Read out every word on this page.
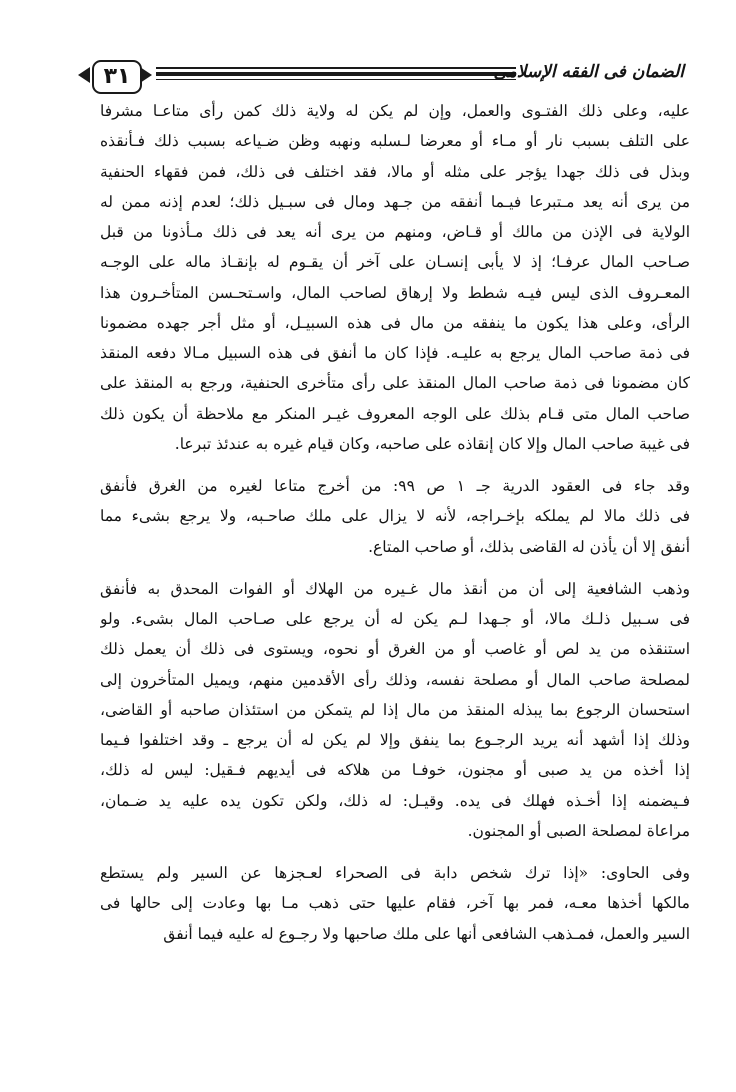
٣١	الضمان فى الفقه الإسلامى
عليه، وعلى ذلك الفتـوى والعمل، وإن لم يكن له ولاية ذلك كمن رأى متاعـا مشرفا
على التلف بسبب نار أو مـاء أو معرضا لـسلبه ونهبه وظن ضـياعه بسبب ذلك فـأنقذه
وبذل فى ذلك جهدا يؤجر على مثله أو مالا، فقد اختلف فى ذلك، فمن فقهاء الحنفية
من يرى أنه يعد مـتبرعا فيـما أنفقه من جـهد ومال فى سبـيل ذلك؛ لعدم إذنه ممن له
الولاية فى الإذن من مالك أو قـاض، ومنهم من يرى أنه يعد فى ذلك مـأذونا من قبل
صـاحب المال عرفـا؛ إذ لا يأبى إنسـان على آخر أن يقـوم له بإنقـاذ ماله على الوجـه
المعـروف الذى ليس فيـه شطط ولا إرهاق لصاحب المال، واسـتحـسن المتأخـرون هذا
الرأى، وعلى هذا يكون ما ينفقه من مال فى هذه السبيـل، أو مثل أجر جهده مضمونا
فى ذمة صاحب المال يرجع به عليـه. فإذا كان ما أنفق فى هذه السبيل مـالا دفعه المنقذ
كان مضمونا فى ذمة صاحب المال المنقذ على رأى متأخرى الحنفية، ورجع به المنقذ على
صاحب المال متى قـام بذلك على الوجه المعروف غيـر المنكر مع ملاحظة أن يكون ذلك
فى غيبة صاحب المال وإلا كان إنقاذه على صاحبه، وكان قيام غيره به عندئذ تبرعا.
وقد جاء فى العقود الدرية جـ ١ ص ٩٩: من أخرج متاعا لغيره من الغرق فأنفق
فى ذلك مالا لم يملكه بإخـراجه، لأنه لا يزال على ملك صاحـبه، ولا يرجع بشىء مما
أنفق إلا أن يأذن له القاضى بذلك، أو صاحب المتاع.
وذهب الشافعية إلى أن من أنقذ مال غـيره من الهلاك أو الفوات المحدق به فأنفق
فى سـبيل ذلـك مالا، أو جـهدا لـم يكن له أن يرجع على صـاحب المال بشىء. ولو
استنقذه من يد لص أو غاصب أو من الغرق أو نحوه، ويستوى فى ذلك أن يعمل ذلك
لمصلحة صاحب المال أو مصلحة نفسه، وذلك رأى الأقدمين منهم، ويميل المتأخرون إلى
استحسان الرجوع بما يبذله المنقذ من مال إذا لم يتمكن من استئذان صاحبه أو القاضى،
وذلك إذا أشهد أنه يريد الرجـوع بما ينفق وإلا لم يكن له أن يرجع ـ وقد اختلفوا فـيما
إذا أخذه من يد صبى أو مجنون، خوفـا من هلاكه فى أيديهم فـقيل: ليس له ذلك،
فـيضمنه إذا أخـذه فهلك فى يده. وقيـل: له ذلك، ولكن تكون يده عليه يد ضـمان،
مراعاة لمصلحة الصبى أو المجنون.
وفى الحاوى: «إذا ترك شخص دابة فى الصحراء لعـجزها عن السير ولم يستطع
مالكها أخذها معـه، فمر بها آخر، فقام عليها حتى ذهب مـا بها وعادت إلى حالها فى
السير والعمل، فمـذهب الشافعى أنها على ملك صاحبها ولا رجـوع له عليه فيما أنفق
